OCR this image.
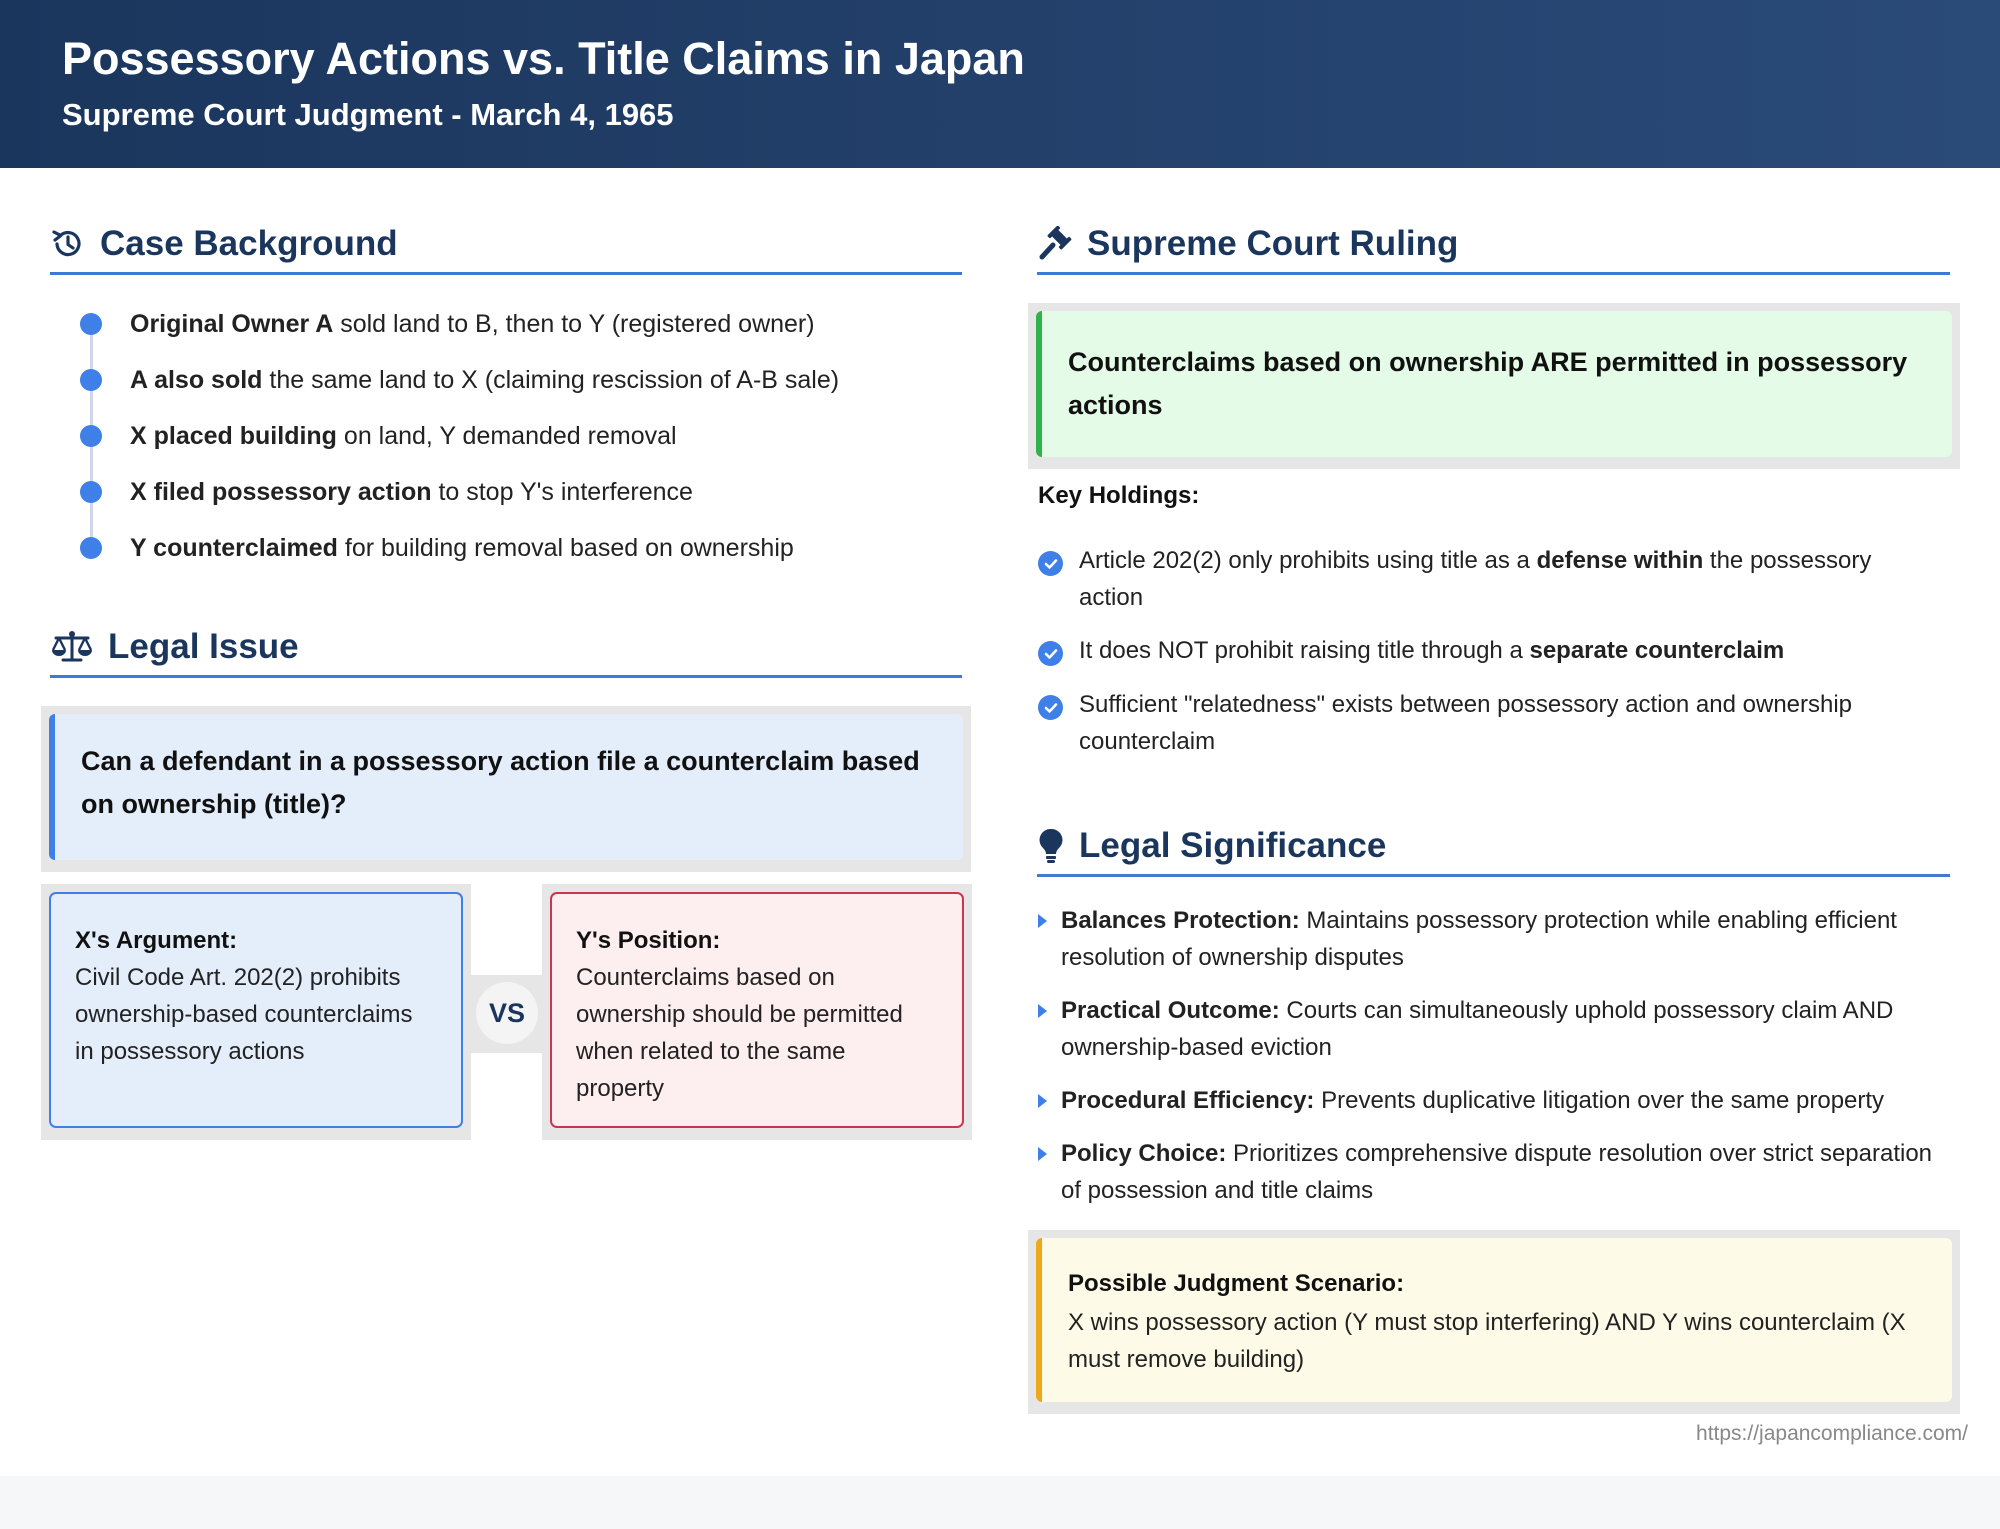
Possessory Actions vs. Title Claims in Japan
Supreme Court Judgment - March 4, 1965
Case Background
Original Owner A sold land to B, then to Y (registered owner)
A also sold the same land to X (claiming rescission of A-B sale)
X placed building on land, Y demanded removal
X filed possessory action to stop Y's interference
Y counterclaimed for building removal based on ownership
Legal Issue
Can a defendant in a possessory action file a counterclaim based on ownership (title)?
X's Argument:
Civil Code Art. 202(2) prohibits ownership-based counterclaims in possessory actions
VS
Y's Position:
Counterclaims based on ownership should be permitted when related to the same property
Supreme Court Ruling
Counterclaims based on ownership ARE permitted in possessory actions
Key Holdings:
Article 202(2) only prohibits using title as a defense within the possessory action
It does NOT prohibit raising title through a separate counterclaim
Sufficient "relatedness" exists between possessory action and ownership counterclaim
Legal Significance
Balances Protection: Maintains possessory protection while enabling efficient resolution of ownership disputes
Practical Outcome: Courts can simultaneously uphold possessory claim AND ownership-based eviction
Procedural Efficiency: Prevents duplicative litigation over the same property
Policy Choice: Prioritizes comprehensive dispute resolution over strict separation of possession and title claims
Possible Judgment Scenario:
X wins possessory action (Y must stop interfering) AND Y wins counterclaim (X must remove building)
https://japancompliance.com/
